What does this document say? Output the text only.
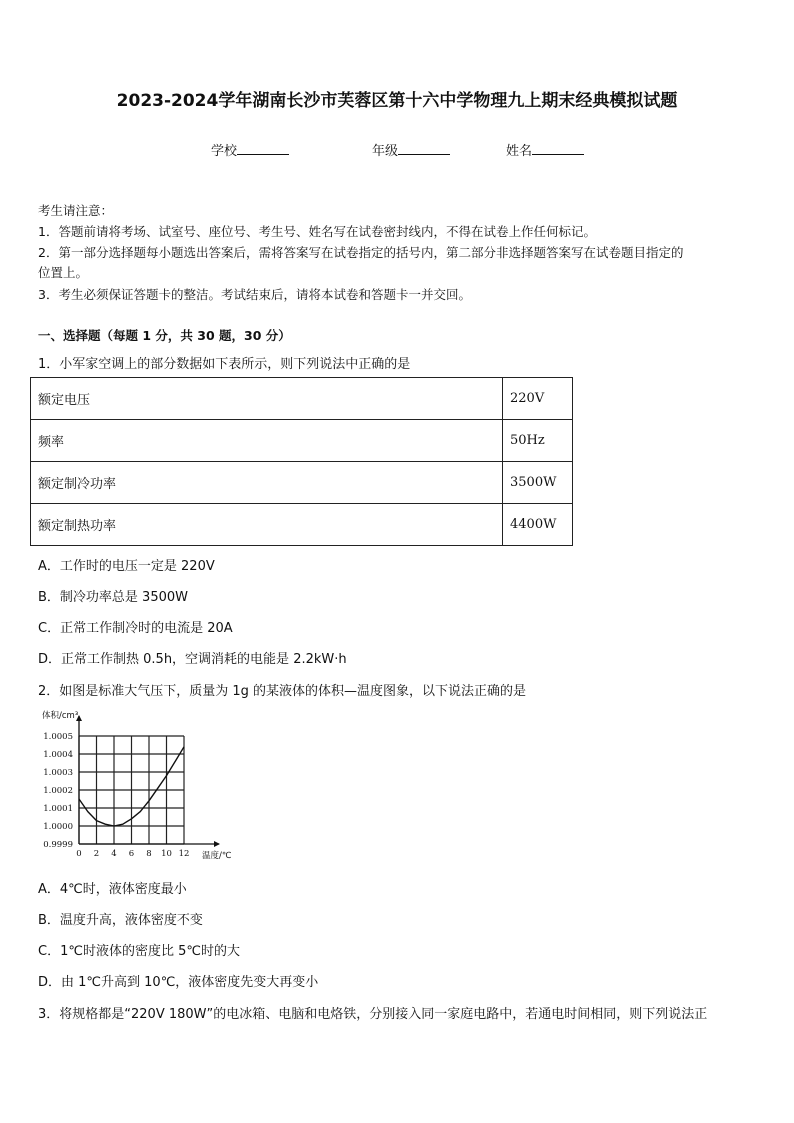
2023-2024学年湖南长沙市芙蓉区第十六中学物理九上期末经典模拟试题
学校	年级	姓名
考生请注意：
1．答题前请将考场、试室号、座位号、考生号、姓名写在试卷密封线内，不得在试卷上作任何标记。
2．第一部分选择题每小题选出答案后，需将答案写在试卷指定的括号内，第二部分非选择题答案写在试卷题目指定的
位置上。
3．考生必须保证答题卡的整洁。考试结束后，请将本试卷和答题卡一并交回。
一、选择题（每题 1 分，共 30 题，30 分）
1．小军家空调上的部分数据如下表所示，则下列说法中正确的是
额定电压	220V
频率	50Hz
额定制冷功率	3500W
额定制热功率	4400W
A．工作时的电压一定是 220V
B．制冷功率总是 3500W
C．正常工作制冷时的电流是 20A
D．正常工作制热 0.5h，空调消耗的电能是 2.2kW·h
2．如图是标准大气压下，质量为 1g 的某液体的体积—温度图象，以下说法正确的是
0 2 4 6 8 10 12
0.9999
1.0000
1.0001
1.0002
1.0003
1.0004
1.0005
体积/cm³
温度/℃
A．4℃时，液体密度最小
B．温度升高，液体密度不变
C．1℃时液体的密度比 5℃时的大
D．由 1℃升高到 10℃，液体密度先变大再变小
3．将规格都是“220V 180W”的电冰箱、电脑和电烙铁，分别接入同一家庭电路中，若通电时间相同，则下列说法正
